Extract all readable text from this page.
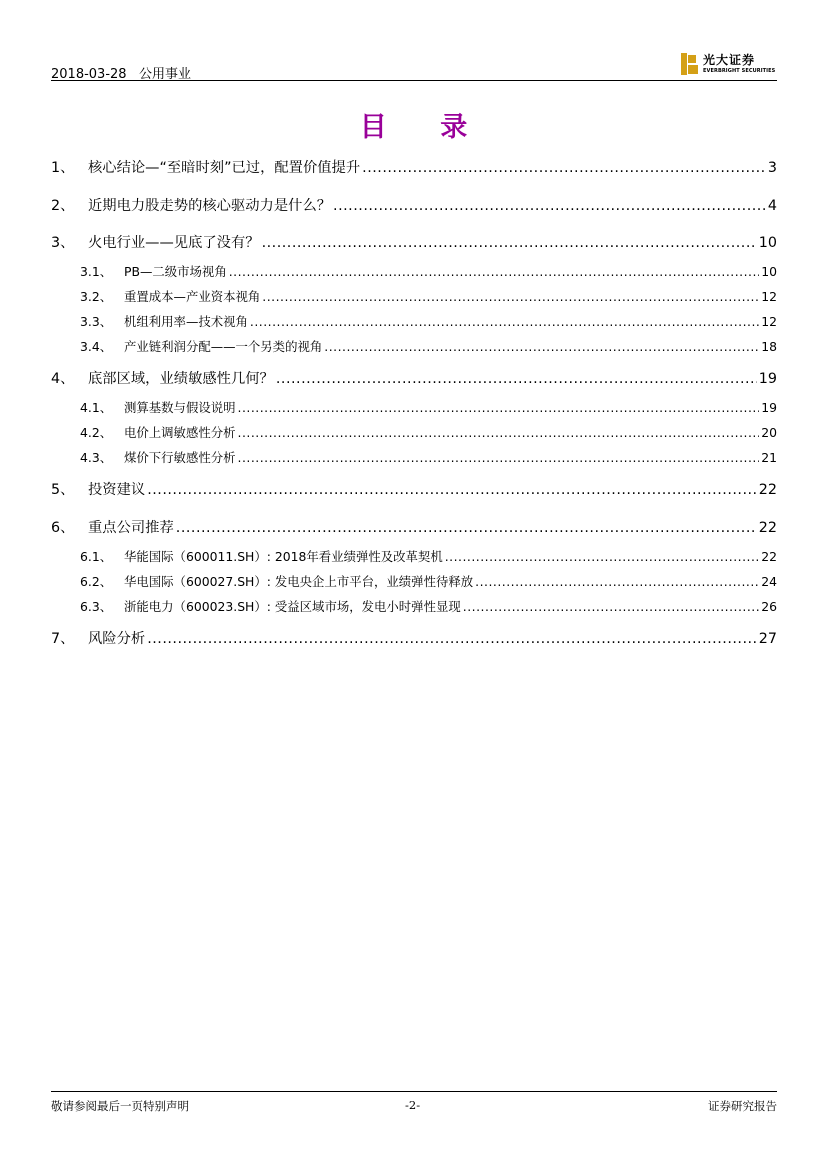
2018-03-28 公用事业
光大证券
EVERBRIGHT SECURITIES
目 录
1、 核心结论—“至暗时刻”已过，配置价值提升 .....	3
2、 近期电力股走势的核心驱动力是什么？ .....	4
3、 火电行业——见底了没有？ .....	10
3.1、 PB—二级市场视角 .....	10
3.2、 重置成本—产业资本视角 .....	12
3.3、 机组利用率—技术视角 .....	12
3.4、 产业链利润分配——一个另类的视角 .....	18
4、 底部区域，业绩敏感性几何？ .....	19
4.1、 测算基数与假设说明 .....	19
4.2、 电价上调敏感性分析 .....	20
4.3、 煤价下行敏感性分析 .....	21
5、 投资建议 .....	22
6、 重点公司推荐 .....	22
6.1、 华能国际（600011.SH）: 2018年看业绩弹性及改革契机 .....	22
6.2、 华电国际（600027.SH）: 发电央企上市平台，业绩弹性待释放 .....	24
6.3、 浙能电力（600023.SH）: 受益区域市场，发电小时弹性显现 .....	26
7、 风险分析 .....	27
敬请参阅最后一页特别声明	-2-	证券研究报告
